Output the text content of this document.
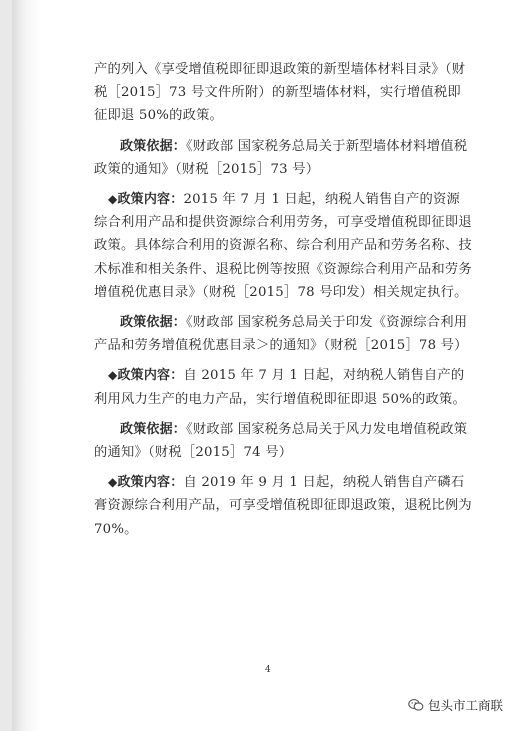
产的列入《享受增值税即征即退政策的新型墙体材料目录》（财税［2015］73 号文件所附）的新型墙体材料，实行增值税即征即退 50%的政策。

政策依据：《财政部 国家税务总局关于新型墙体材料增值税政策的通知》（财税［2015］73 号）

◆政策内容：2015 年 7 月 1 日起，纳税人销售自产的资源综合利用产品和提供资源综合利用劳务，可享受增值税即征即退政策。具体综合利用的资源名称、综合利用产品和劳务名称、技术标准和相关条件、退税比例等按照《资源综合利用产品和劳务增值税优惠目录》（财税［2015］78 号印发）相关规定执行。

政策依据：《财政部 国家税务总局关于印发《资源综合利用产品和劳务增值税优惠目录＞的通知》（财税［2015］78 号）

◆政策内容：自 2015 年 7 月 1 日起，对纳税人销售自产的利用风力生产的电力产品，实行增值税即征即退 50%的政策。

政策依据：《财政部 国家税务总局关于风力发电增值税政策的通知》（财税［2015］74 号）

◆政策内容：自 2019 年 9 月 1 日起，纳税人销售自产磷石膏资源综合利用产品，可享受增值税即征即退政策，退税比例为 70%。

4
包头市工商联
